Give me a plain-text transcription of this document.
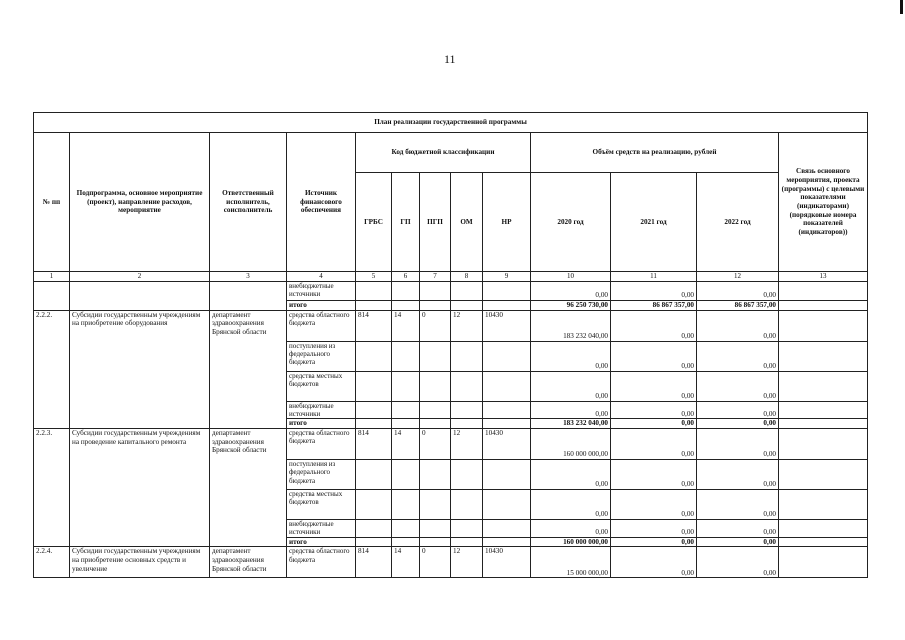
11
План реализации государственной программы												
№ пп	Подпрограмма, основное мероприятие (проект), направление расходов, мероприятие	Ответственный исполнитель, соисполнитель	Источник финансового обеспечения	Код бюджетной классификации					Объём средств на реализацию, рублей			Связь основного мероприятия, проекта (программы) с целевыми показателями (индикаторами) (порядковые номера показателей (индикаторов))
				ГРБС	ГП	ПГП	ОМ	НР	2020 год	2021 год	2022 год	
1	2	3	4	5	6	7	8	9	10	11	12	13
			внебюджетные источники						0,00	0,00	0,00	
			итого						96 250 730,00	86 867 357,00	86 867 357,00	
2.2.2.	Субсидии государственным учреждениям на приобретение оборудования	департамент здравоохранения Брянской области	средства областного бюджета	814	14	0	12	10430	183 232 040,00	0,00	0,00	
			поступления из федерального бюджета						0,00	0,00	0,00	
			средства местных бюджетов						0,00	0,00	0,00	
			внебюджетные источники						0,00	0,00	0,00	
			итого						183 232 040,00	0,00	0,00	
2.2.3.	Субсидии государственным учреждениям на проведение капитального ремонта	департамент здравоохранения Брянской области	средства областного бюджета	814	14	0	12	10430	160 000 000,00	0,00	0,00	
			поступления из федерального бюджета						0,00	0,00	0,00	
			средства местных бюджетов						0,00	0,00	0,00	
			внебюджетные источники						0,00	0,00	0,00	
			итого						160 000 000,00	0,00	0,00	
2.2.4.	Субсидии государственным учреждениям на приобретение основных средств и увеличение	департамент здравоохранения Брянской области	средства областного бюджета	814	14	0	12	10430	15 000 000,00	0,00	0,00	
